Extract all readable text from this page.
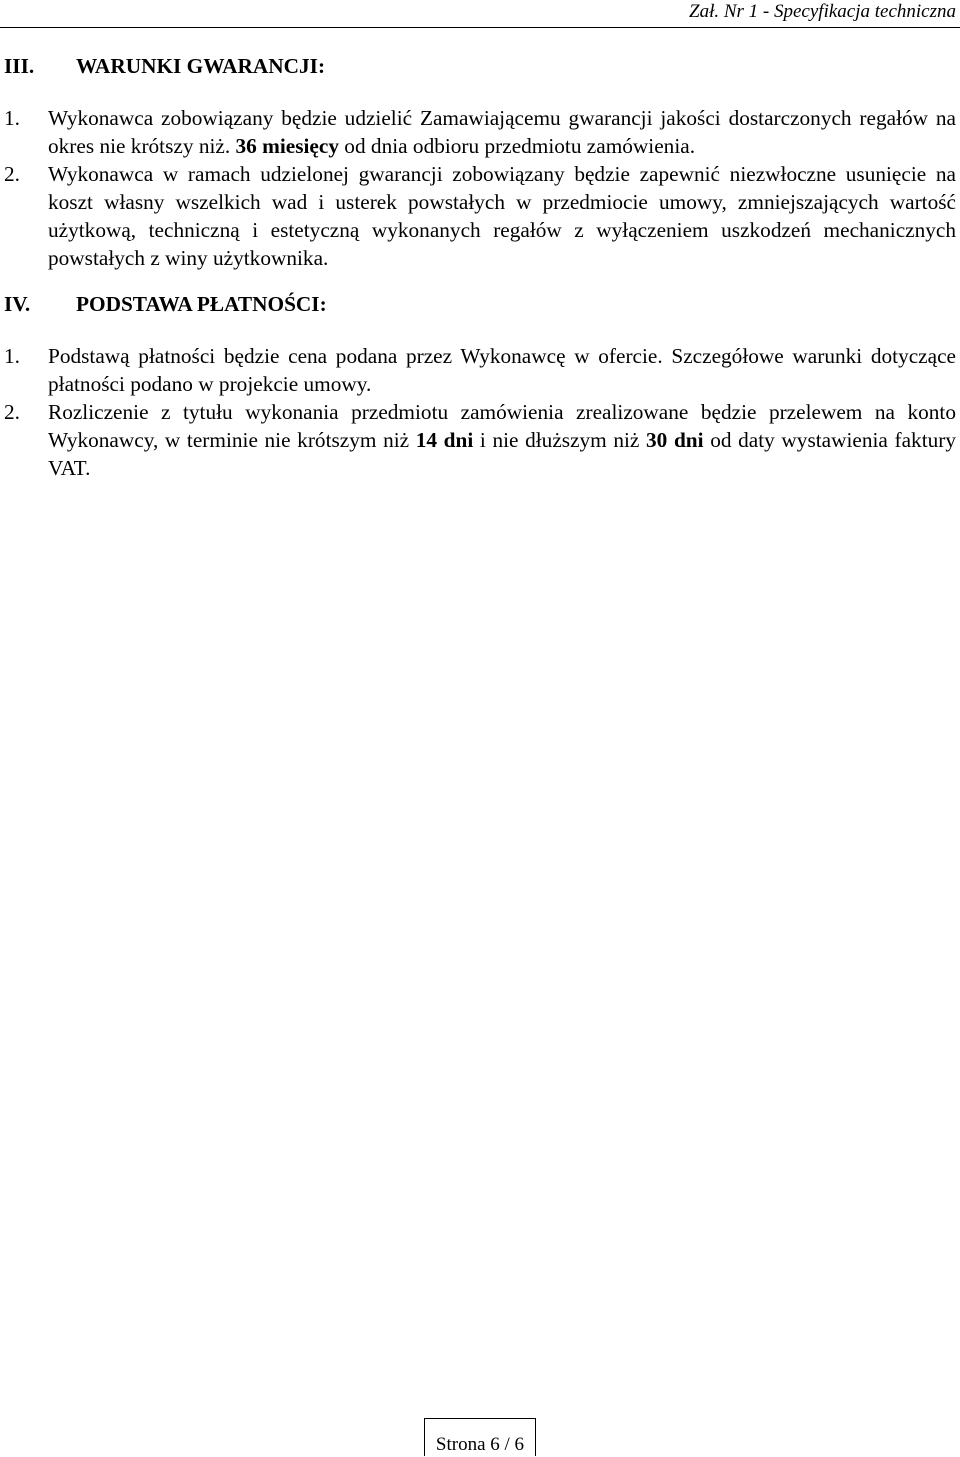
Zał. Nr 1 - Specyfikacja techniczna
III.	WARUNKI GWARANCJI:
1.	Wykonawca zobowiązany będzie udzielić Zamawiającemu gwarancji jakości dostarczonych regałów na okres nie krótszy niż. 36 miesięcy od dnia odbioru przedmiotu zamówienia.
2.	Wykonawca w ramach udzielonej gwarancji zobowiązany będzie zapewnić niezwłoczne usunięcie na koszt własny wszelkich wad i usterek powstałych w przedmiocie umowy, zmniejszających wartość użytkową, techniczną i estetyczną wykonanych regałów z wyłączeniem uszkodzeń mechanicznych powstałych z winy użytkownika.
IV.	PODSTAWA PŁATNOŚCI:
1.	Podstawą płatności będzie cena podana przez Wykonawcę w ofercie. Szczegółowe warunki dotyczące płatności podano w projekcie umowy.
2.	Rozliczenie z tytułu wykonania przedmiotu zamówienia zrealizowane będzie przelewem na konto Wykonawcy, w terminie nie krótszym niż 14 dni i nie dłuższym niż 30 dni od daty wystawienia faktury VAT.
Strona 6 / 6
